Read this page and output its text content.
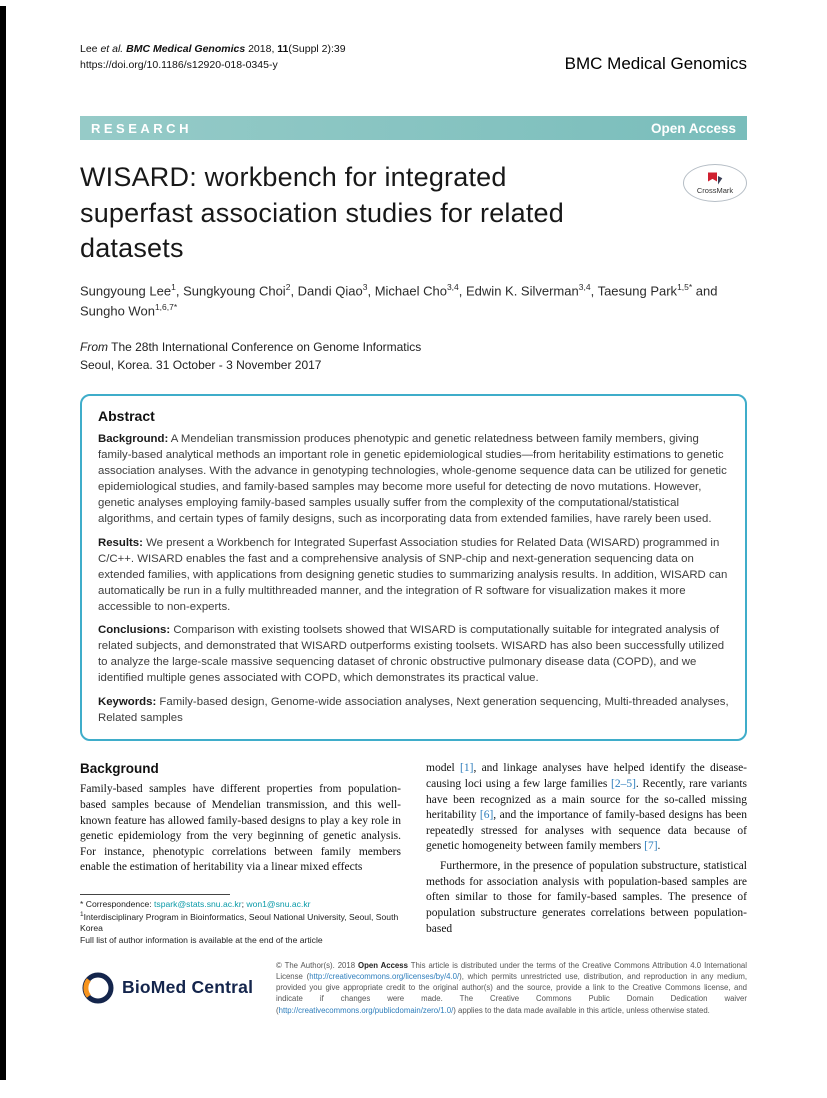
Lee et al. BMC Medical Genomics 2018, 11(Suppl 2):39
https://doi.org/10.1186/s12920-018-0345-y	BMC Medical Genomics
RESEARCH	Open Access
WISARD: workbench for integrated superfast association studies for related datasets
CrossMark
Sungyoung Lee$^1$, Sungkyoung Choi$^2$, Dandi Qiao$^3$, Michael Cho$^{3,4}$, Edwin K. Silverman$^{3,4}$, Taesung Park$^{1,5*}$ and Sungho Won$^{1,6,7*}$
From The 28th International Conference on Genome Informatics
Seoul, Korea. 31 October - 3 November 2017
Abstract

Background: A Mendelian transmission produces phenotypic and genetic relatedness between family members, giving family-based analytical methods an important role in genetic epidemiological studies—from heritability estimations to genetic association analyses. With the advance in genotyping technologies, whole-genome sequence data can be utilized for genetic epidemiological studies, and family-based samples may become more useful for detecting de novo mutations. However, genetic analyses employing family-based samples usually suffer from the complexity of the computational/statistical algorithms, and certain types of family designs, such as incorporating data from extended families, have rarely been used.

Results: We present a Workbench for Integrated Superfast Association studies for Related Data (WISARD) programmed in C/C++. WISARD enables the fast and a comprehensive analysis of SNP-chip and next-generation sequencing data on extended families, with applications from designing genetic studies to summarizing analysis results. In addition, WISARD can automatically be run in a fully multithreaded manner, and the integration of R software for visualization makes it more accessible to non-experts.

Conclusions: Comparison with existing toolsets showed that WISARD is computationally suitable for integrated analysis of related subjects, and demonstrated that WISARD outperforms existing toolsets. WISARD has also been successfully utilized to analyze the large-scale massive sequencing dataset of chronic obstructive pulmonary disease data (COPD), and we identified multiple genes associated with COPD, which demonstrates its practical value.

Keywords: Family-based design, Genome-wide association analyses, Next generation sequencing, Multi-threaded analyses, Related samples

Background

Family-based samples have different properties from population-based samples because of Mendelian transmission, and this well-known feature has allowed family-based designs to play a key role in genetic epidemiology from the very beginning of genetic analysis. For instance, phenotypic correlations between family members enable the estimation of heritability via a linear mixed effects

* Correspondence: tspark@stats.snu.ac.kr; won1@snu.ac.kr

$^1$Interdisciplinary Program in Bioinformatics, Seoul National University, Seoul, South Korea

Full list of author information is available at the end of the article

model [1], and linkage analyses have helped identify the disease-causing loci using a few large families [2–5]. Recently, rare variants have been recognized as a main source for the so-called missing heritability [6], and the importance of family-based designs has been repeatedly stressed for analyses with sequence data because of genetic homogeneity between family members [7].

Furthermore, in the presence of population substructure, statistical methods for association analysis with population-based samples are often similar to those for family-based samples. The presence of population substructure generates correlations between population-based

BioMed Central

© The Author(s). 2018 Open Access This article is distributed under the terms of the Creative Commons Attribution 4.0 International License (http://creativecommons.org/licenses/by/4.0/), which permits unrestricted use, distribution, and reproduction in any medium, provided you give appropriate credit to the original author(s) and the source, provide a link to the Creative Commons license, and indicate if changes were made. The Creative Commons Public Domain Dedication waiver (http://creativecommons.org/publicdomain/zero/1.0/) applies to the data made available in this article, unless otherwise stated.
